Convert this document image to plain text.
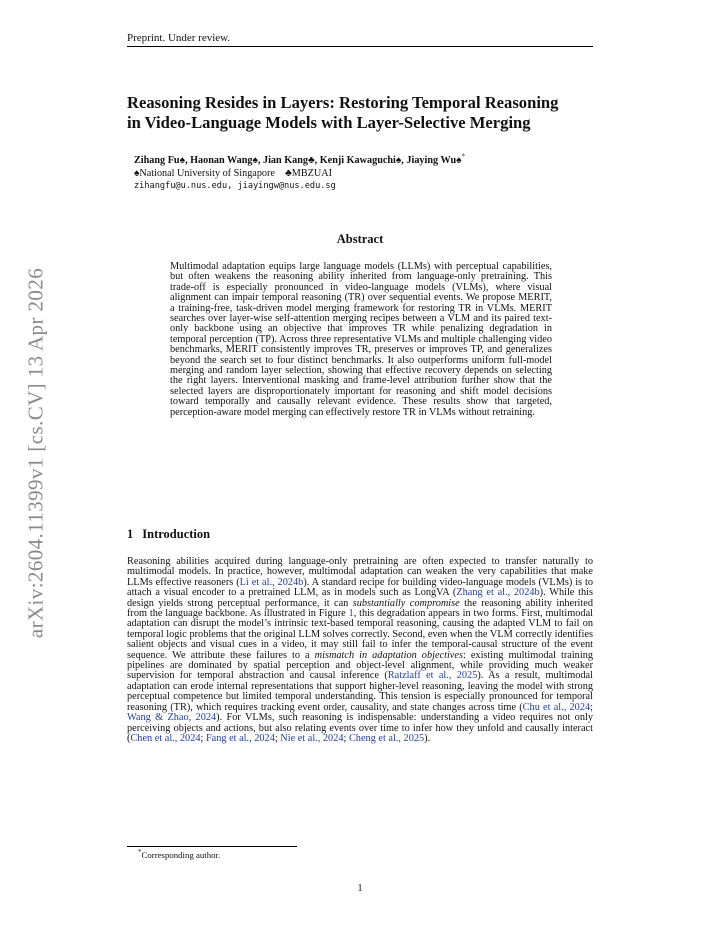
Preprint. Under review.
arXiv:2604.11399v1 [cs.CV] 13 Apr 2026
Reasoning Resides in Layers: Restoring Temporal Reasoning
in Video-Language Models with Layer-Selective Merging
Zihang Fu♠, Haonan Wang♠, Jian Kang♣, Kenji Kawaguchi♠, Jiaying Wu♠*
♠National University of Singapore ♣MBZUAI
zihangfu@u.nus.edu, jiayingw@nus.edu.sg
Abstract

Multimodal adaptation equips large language models (LLMs) with perceptual capabilities, but often weakens the reasoning ability inherited from language-only pretraining. This trade-off is especially pronounced in video-language models (VLMs), where visual alignment can impair temporal reasoning (TR) over sequential events. We propose MERIT, a training-free, task-driven model merging framework for restoring TR in VLMs. MERIT searches over layer-wise self-attention merging recipes between a VLM and its paired text-only backbone using an objective that improves TR while penalizing degradation in temporal perception (TP). Across three representative VLMs and multiple challenging video benchmarks, MERIT consistently improves TR, preserves or improves TP, and generalizes beyond the search set to four distinct benchmarks. It also outperforms uniform full-model merging and random layer selection, showing that effective recovery depends on selecting the right layers. Interventional masking and frame-level attribution further show that the selected layers are disproportionately important for reasoning and shift model decisions toward temporally and causally relevant evidence. These results show that targeted, perception-aware model merging can effectively restore TR in VLMs without retraining.

1 Introduction

Reasoning abilities acquired during language-only pretraining are often expected to transfer naturally to multimodal models. In practice, however, multimodal adaptation can weaken the very capabilities that make LLMs effective reasoners (Li et al., 2024b). A standard recipe for building video-language models (VLMs) is to attach a visual encoder to a pretrained LLM, as in models such as LongVA (Zhang et al., 2024b). While this design yields strong perceptual performance, it can substantially compromise the reasoning ability inherited from the language backbone. As illustrated in Figure 1, this degradation appears in two forms. First, multimodal adaptation can disrupt the model’s intrinsic text-based temporal reasoning, causing the adapted VLM to fail on temporal logic problems that the original LLM solves correctly. Second, even when the VLM correctly identifies salient objects and visual cues in a video, it may still fail to infer the temporal-causal structure of the event sequence. We attribute these failures to a mismatch in adaptation objectives: existing multimodal training pipelines are dominated by spatial perception and object-level alignment, while providing much weaker supervision for temporal abstraction and causal inference (Ratzlaff et al., 2025). As a result, multimodal adaptation can erode internal representations that support higher-level reasoning, leaving the model with strong perceptual competence but limited temporal understanding. This tension is especially pronounced for temporal reasoning (TR), which requires tracking event order, causality, and state changes across time (Chu et al., 2024; Wang & Zhao, 2024). For VLMs, such reasoning is indispensable: understanding a video requires not only perceiving objects and actions, but also relating events over time to infer how they unfold and causally interact (Chen et al., 2024; Fang et al., 2024; Nie et al., 2024; Cheng et al., 2025).

*Corresponding author.
1
